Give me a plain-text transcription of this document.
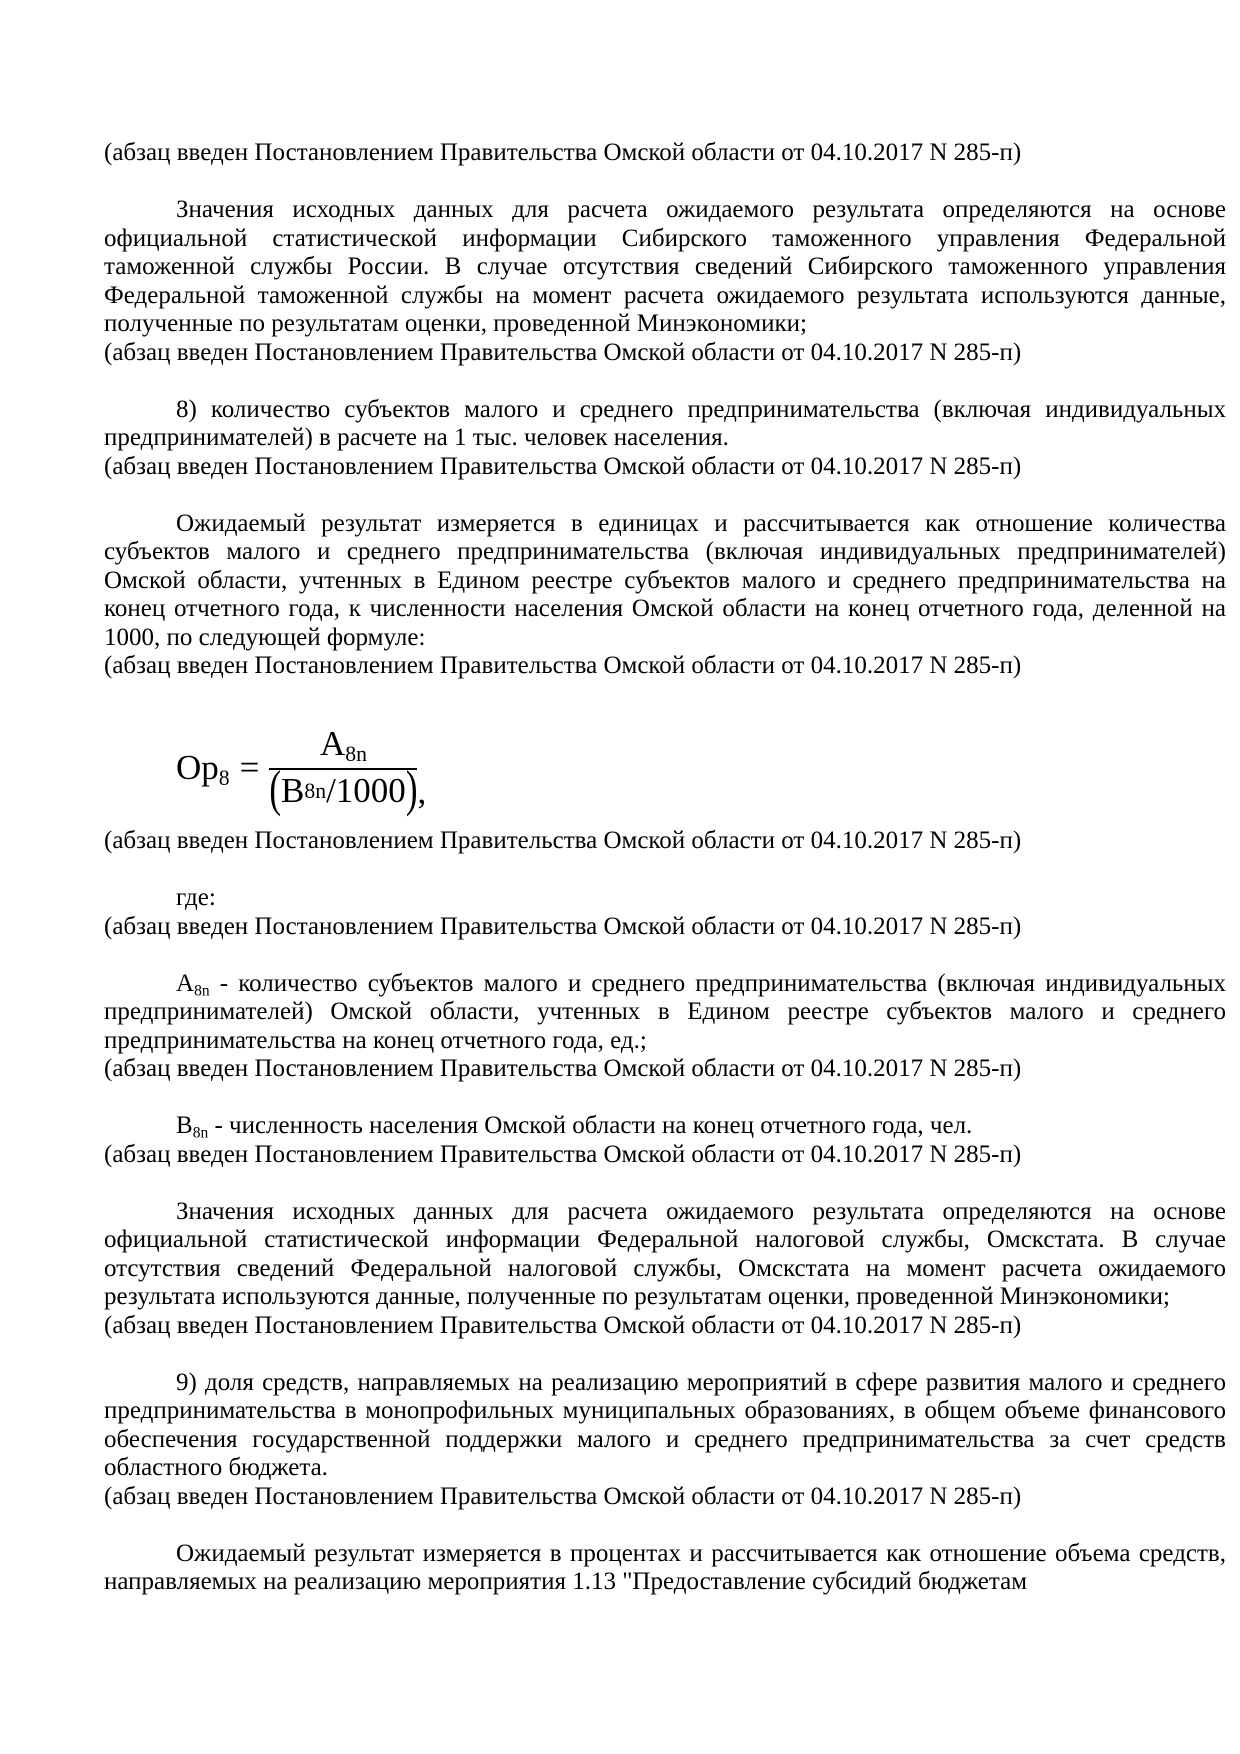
(абзац введен Постановлением Правительства Омской области от 04.10.2017 N 285-п)

Значения исходных данных для расчета ожидаемого результата определяются на основе официальной статистической информации Сибирского таможенного управления Федеральной таможенной службы России. В случае отсутствия сведений Сибирского таможенного управления Федеральной таможенной службы на момент расчета ожидаемого результата используются данные, полученные по результатам оценки, проведенной Минэкономики;

(абзац введен Постановлением Правительства Омской области от 04.10.2017 N 285-п)

8) количество субъектов малого и среднего предпринимательства (включая индивидуальных предпринимателей) в расчете на 1 тыс. человек населения.

(абзац введен Постановлением Правительства Омской области от 04.10.2017 N 285-п)

Ожидаемый результат измеряется в единицах и рассчитывается как отношение количества субъектов малого и среднего предпринимательства (включая индивидуальных предпринимателей) Омской области, учтенных в Едином реестре субъектов малого и среднего предпринимательства на конец отчетного года, к численности населения Омской области на конец отчетного года, деленной на 1000, по следующей формуле:

(абзац введен Постановлением Правительства Омской области от 04.10.2017 N 285-п)

$Ор_8 = \frac{А_{8n}}{( В 8n /1000 )}$ ,

(абзац введен Постановлением Правительства Омской области от 04.10.2017 N 285-п)

где:

(абзац введен Постановлением Правительства Омской области от 04.10.2017 N 285-п)

$А_{8n}$ - количество субъектов малого и среднего предпринимательства (включая индивидуальных предпринимателей) Омской области, учтенных в Едином реестре субъектов малого и среднего предпринимательства на конец отчетного года, ед.;

(абзац введен Постановлением Правительства Омской области от 04.10.2017 N 285-п)

$В_{8n}$ - численность населения Омской области на конец отчетного года, чел.

(абзац введен Постановлением Правительства Омской области от 04.10.2017 N 285-п)

Значения исходных данных для расчета ожидаемого результата определяются на основе официальной статистической информации Федеральной налоговой службы, Омскстата. В случае отсутствия сведений Федеральной налоговой службы, Омскстата на момент расчета ожидаемого результата используются данные, полученные по результатам оценки, проведенной Минэкономики;

(абзац введен Постановлением Правительства Омской области от 04.10.2017 N 285-п)

9) доля средств, направляемых на реализацию мероприятий в сфере развития малого и среднего предпринимательства в монопрофильных муниципальных образованиях, в общем объеме финансового обеспечения государственной поддержки малого и среднего предпринимательства за счет средств областного бюджета.

(абзац введен Постановлением Правительства Омской области от 04.10.2017 N 285-п)

Ожидаемый результат измеряется в процентах и рассчитывается как отношение объема средств, направляемых на реализацию мероприятия 1.13 "Предоставление субсидий бюджетам
